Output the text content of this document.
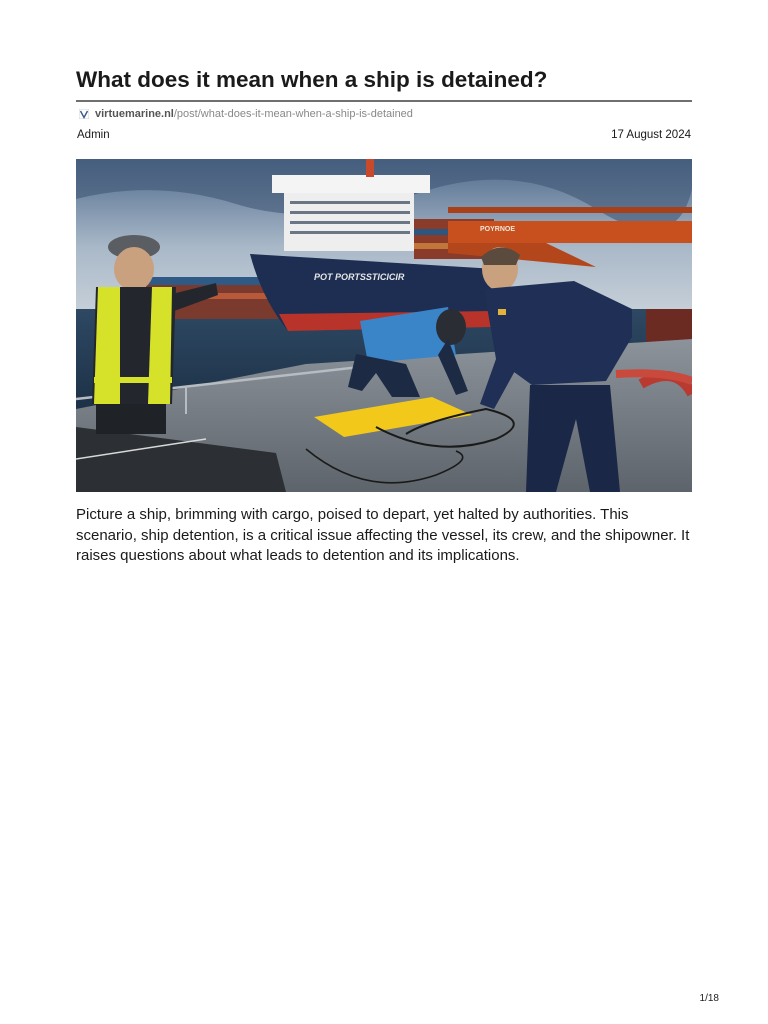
What does it mean when a ship is detained?
virtuemarine.nl /post/what-does-it-mean-when-a-ship-is-detained
Admin	17 August 2024
POT PORTSSTICICIR
POYRNOE

Picture a ship, brimming with cargo, poised to depart, yet halted by authorities. This scenario, ship detention, is a critical issue affecting the vessel, its crew, and the shipowner. It raises questions about what leads to detention and its implications.

1/18
